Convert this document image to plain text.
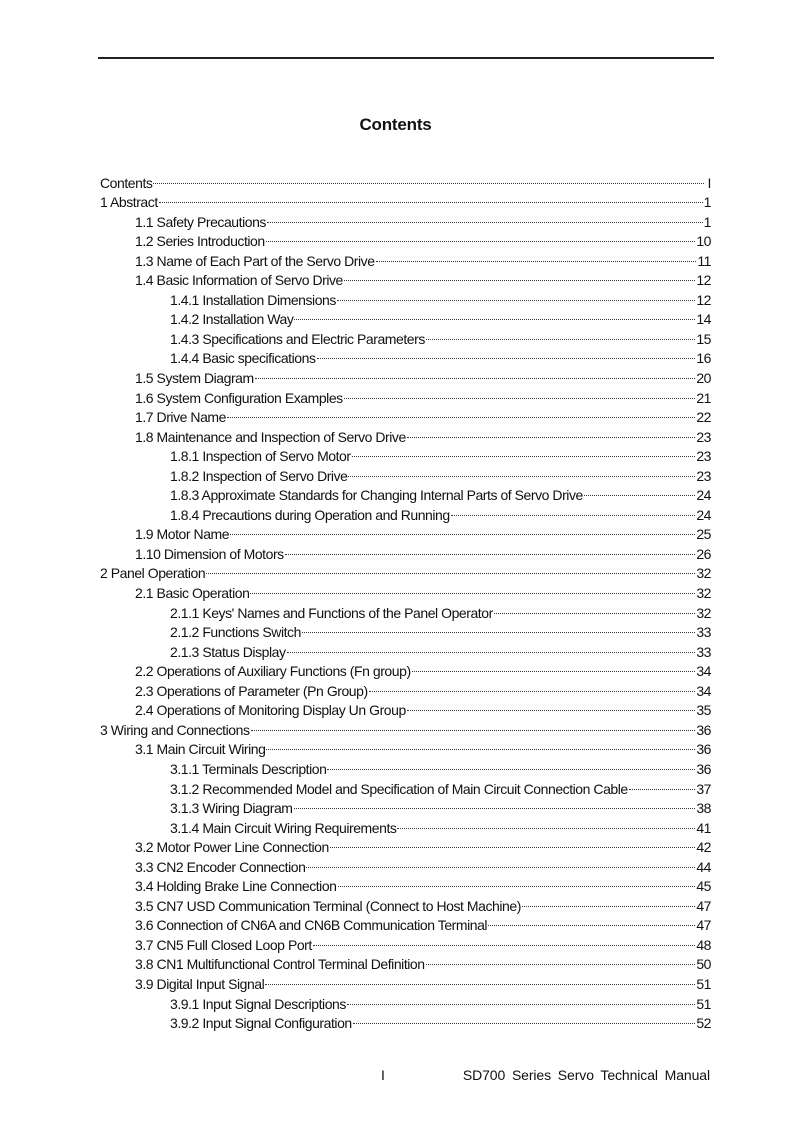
Contents
Contents	I
1 Abstract	1
1.1 Safety Precautions	1
1.2 Series Introduction	10
1.3 Name of Each Part of the Servo Drive	11
1.4 Basic Information of Servo Drive	12
1.4.1 Installation Dimensions	12
1.4.2 Installation Way	14
1.4.3 Specifications and Electric Parameters	15
1.4.4 Basic specifications	16
1.5 System Diagram	20
1.6 System Configuration Examples	21
1.7 Drive Name	22
1.8 Maintenance and Inspection of Servo Drive	23
1.8.1 Inspection of Servo Motor	23
1.8.2 Inspection of Servo Drive	23
1.8.3 Approximate Standards for Changing Internal Parts of Servo Drive	24
1.8.4 Precautions during Operation and Running	24
1.9 Motor Name	25
1.10 Dimension of Motors	26
2 Panel Operation	32
2.1 Basic Operation	32
2.1.1 Keys' Names and Functions of the Panel Operator	32
2.1.2 Functions Switch	33
2.1.3 Status Display	33
2.2 Operations of Auxiliary Functions (Fn group)	34
2.3 Operations of Parameter (Pn Group)	34
2.4 Operations of Monitoring Display Un Group	35
3 Wiring and Connections	36
3.1 Main Circuit Wiring	36
3.1.1 Terminals Description	36
3.1.2 Recommended Model and Specification of Main Circuit Connection Cable	37
3.1.3 Wiring Diagram	38
3.1.4 Main Circuit Wiring Requirements	41
3.2 Motor Power Line Connection	42
3.3 CN2 Encoder Connection	44
3.4 Holding Brake Line Connection	45
3.5 CN7 USD Communication Terminal (Connect to Host Machine)	47
3.6 Connection of CN6A and CN6B Communication Terminal	47
3.7 CN5 Full Closed Loop Port	48
3.8 CN1 Multifunctional Control Terminal Definition	50
3.9 Digital Input Signal	51
3.9.1 Input Signal Descriptions	51
3.9.2 Input Signal Configuration	52
I	SD700 Series Servo Technical Manual
